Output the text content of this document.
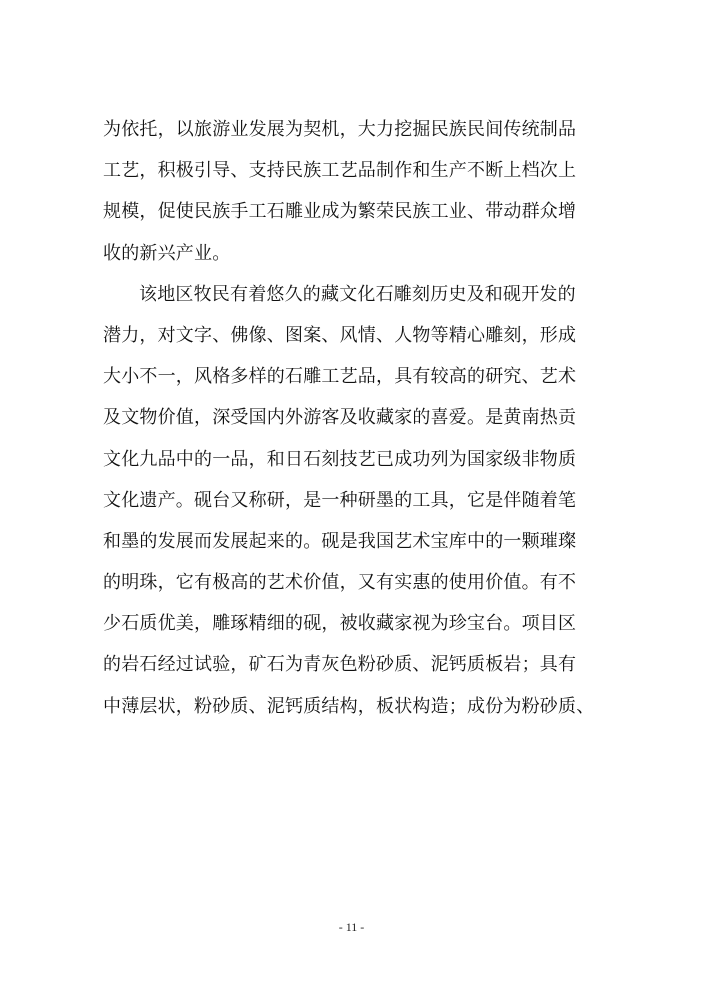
为依托，以旅游业发展为契机，大力挖掘民族民间传统制品
工艺，积极引导、支持民族工艺品制作和生产不断上档次上
规模，促使民族手工石雕业成为繁荣民族工业、带动群众增
收的新兴产业。
该地区牧民有着悠久的藏文化石雕刻历史及和砚开发的
潜力，对文字、佛像、图案、风情、人物等精心雕刻，形成
大小不一，风格多样的石雕工艺品，具有较高的研究、艺术
及文物价值，深受国内外游客及收藏家的喜爱。是黄南热贡
文化九品中的一品，和日石刻技艺已成功列为国家级非物质
文化遗产。砚台又称研，是一种研墨的工具，它是伴随着笔
和墨的发展而发展起来的。砚是我国艺术宝库中的一颗璀璨
的明珠，它有极高的艺术价值，又有实惠的使用价值。有不
少石质优美，雕琢精细的砚，被收藏家视为珍宝台。项目区
的岩石经过试验，矿石为青灰色粉砂质、泥钙质板岩；具有
中薄层状，粉砂质、泥钙质结构，板状构造；成份为粉砂质、
- 11 -
